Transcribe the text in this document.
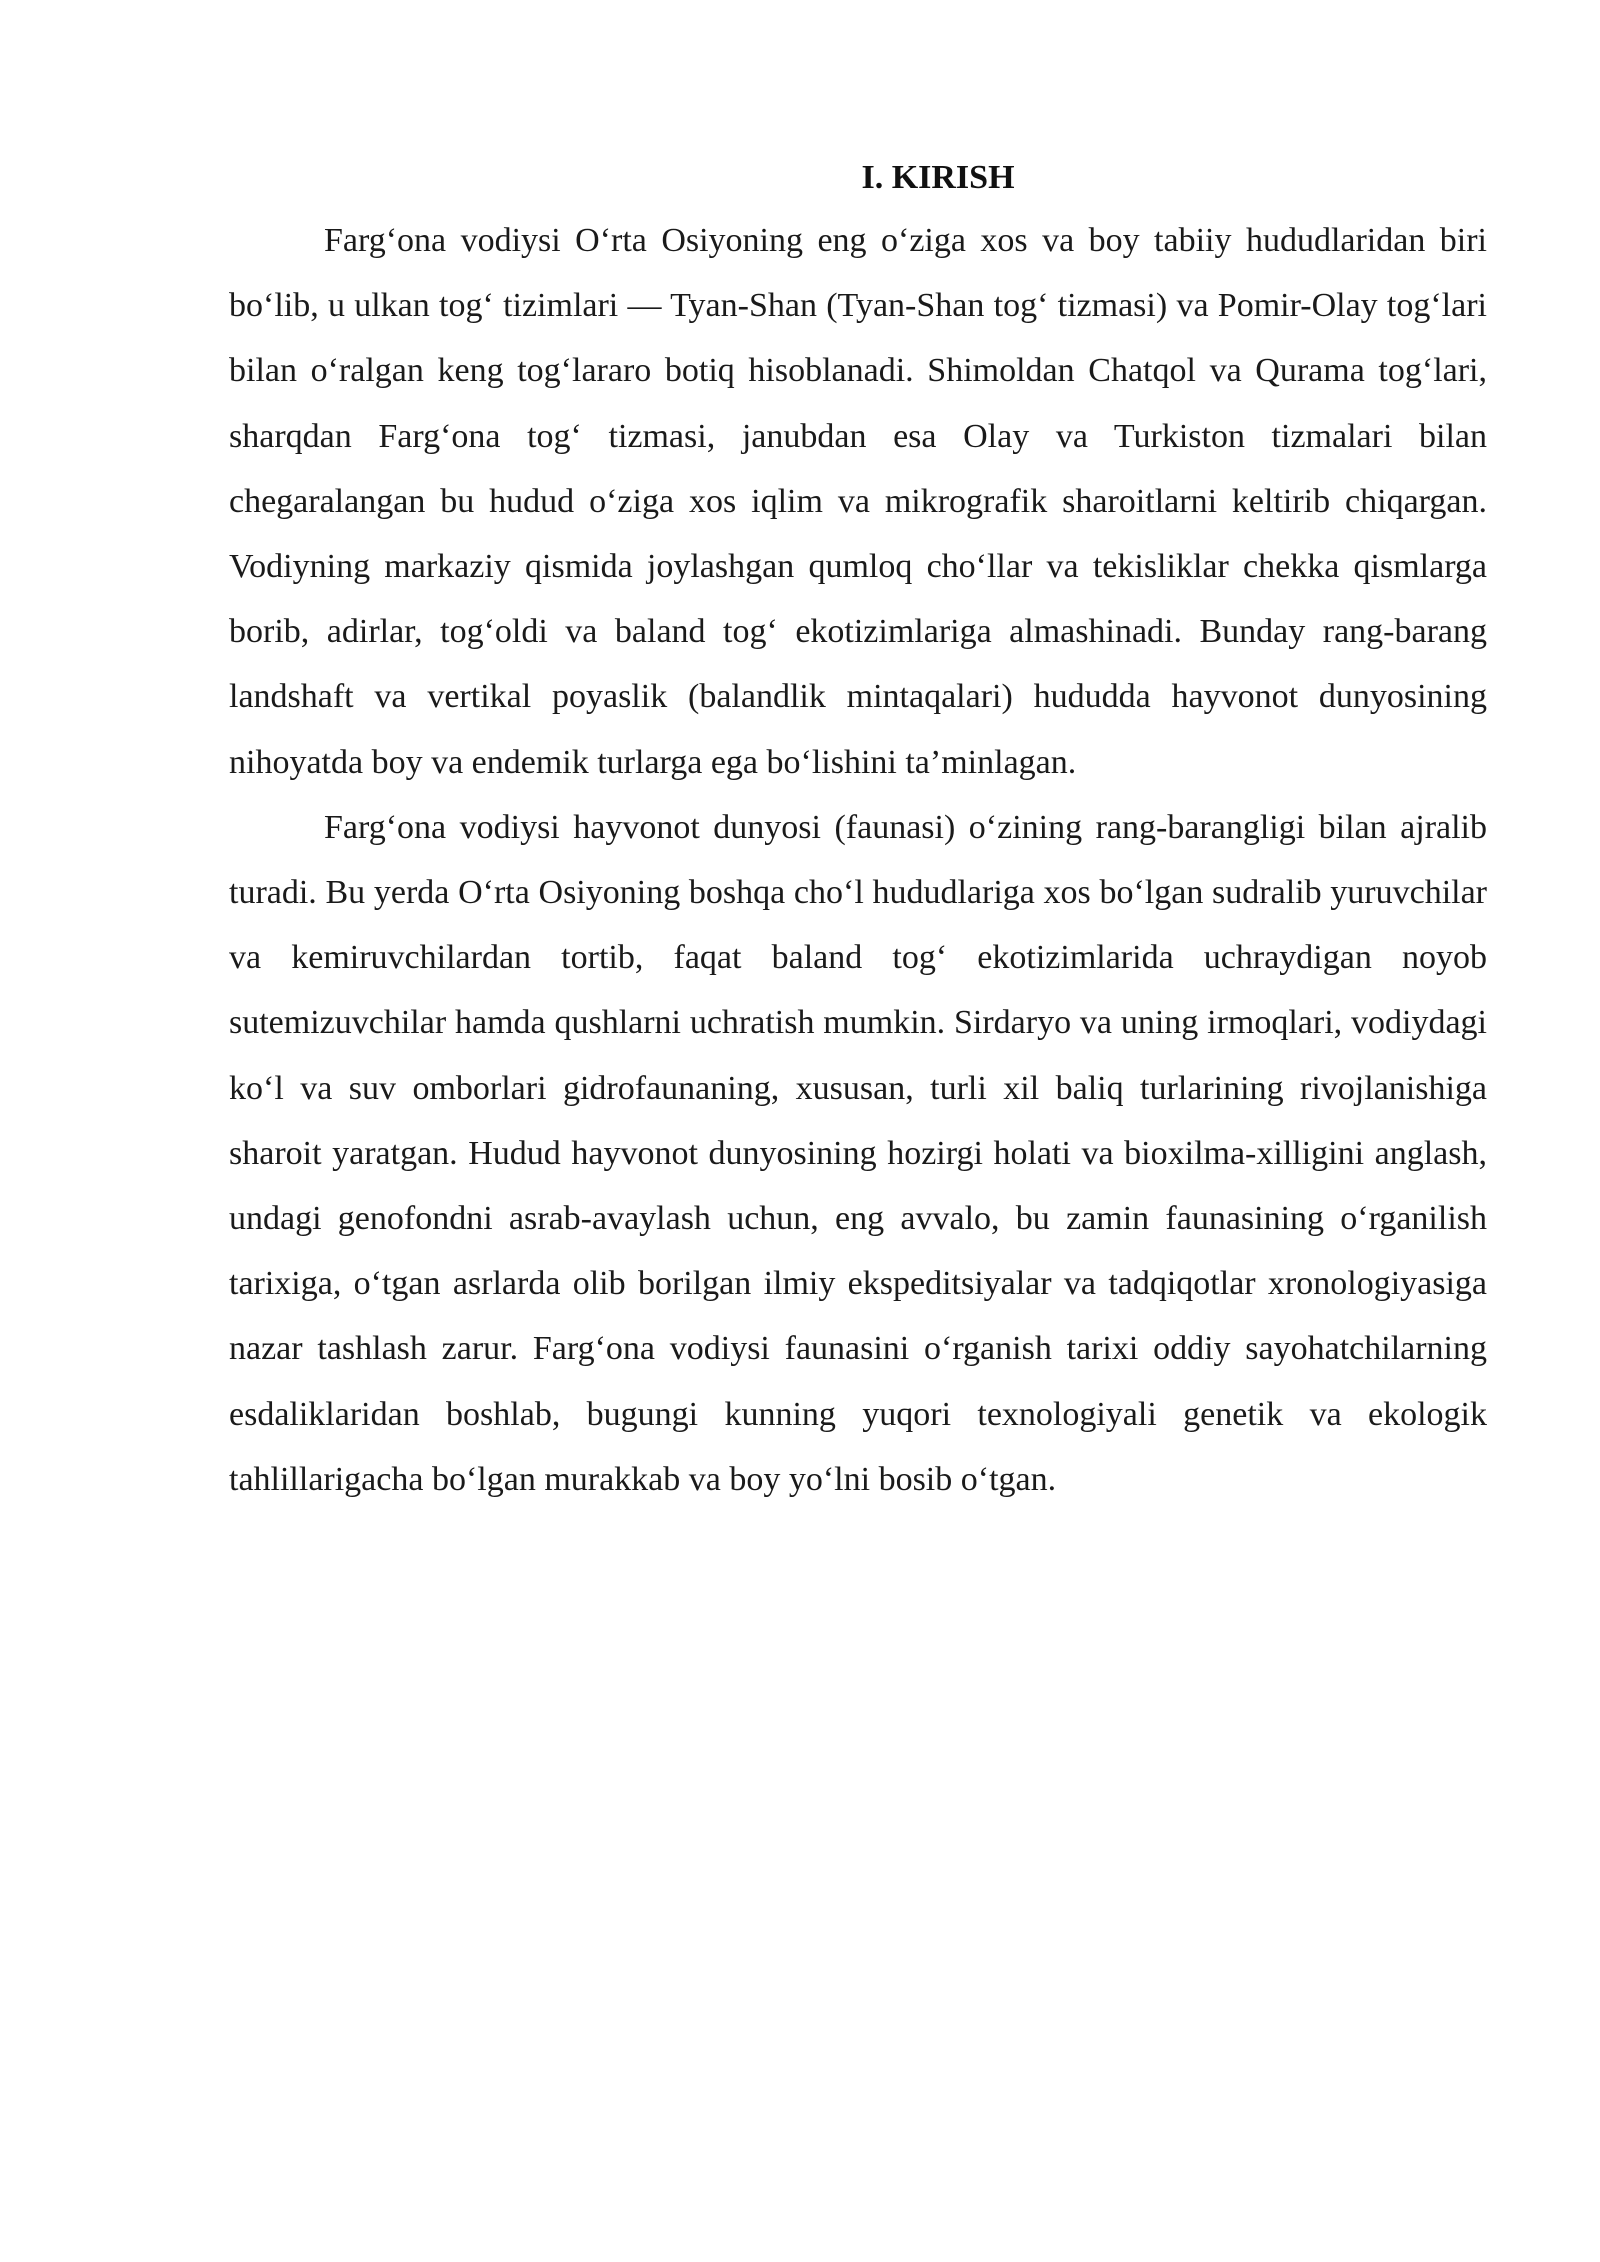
I. KIRISH

Farg‘ona vodiysi O‘rta Osiyoning eng o‘ziga xos va boy tabiiy hududlaridan biri bo‘lib, u ulkan tog‘ tizimlari — Tyan-Shan (Tyan-Shan tog‘ tizmasi) va Pomir-Olay tog‘lari bilan o‘ralgan keng tog‘lararo botiq hisoblanadi. Shimoldan Chatqol va Qurama tog‘lari, sharqdan Farg‘ona tog‘ tizmasi, janubdan esa Olay va Turkiston tizmalari bilan chegaralangan bu hudud o‘ziga xos iqlim va mikrografik sharoitlarni keltirib chiqargan. Vodiyning markaziy qismida joylashgan qumloq cho‘llar va tekisliklar chekka qismlarga borib, adirlar, tog‘oldi va baland tog‘ ekotizimlariga almashinadi. Bunday rang-barang landshaft va vertikal poyaslik (balandlik mintaqalari) hududda hayvonot dunyosining nihoyatda boy va endemik turlarga ega bo‘lishini ta’minlagan.

Farg‘ona vodiysi hayvonot dunyosi (faunasi) o‘zining rang-barangligi bilan ajralib turadi. Bu yerda O‘rta Osiyoning boshqa cho‘l hududlariga xos bo‘lgan sudralib yuruvchilar va kemiruvchilardan tortib, faqat baland tog‘ ekotizimlarida uchraydigan noyob sutemizuvchilar hamda qushlarni uchratish mumkin. Sirdaryo va uning irmoqlari, vodiydagi ko‘l va suv omborlari gidrofaunaning, xususan, turli xil baliq turlarining rivojlanishiga sharoit yaratgan. Hudud hayvonot dunyosining hozirgi holati va bioxilma-xilligini anglash, undagi genofondni asrab-avaylash uchun, eng avvalo, bu zamin faunasining o‘rganilish tarixiga, o‘tgan asrlarda olib borilgan ilmiy ekspeditsiyalar va tadqiqotlar xronologiyasiga nazar tashlash zarur. Farg‘ona vodiysi faunasini o‘rganish tarixi oddiy sayohatchilarning esdaliklaridan boshlab, bugungi kunning yuqori texnologiyali genetik va ekologik tahlillarigacha bo‘lgan murakkab va boy yo‘lni bosib o‘tgan.
